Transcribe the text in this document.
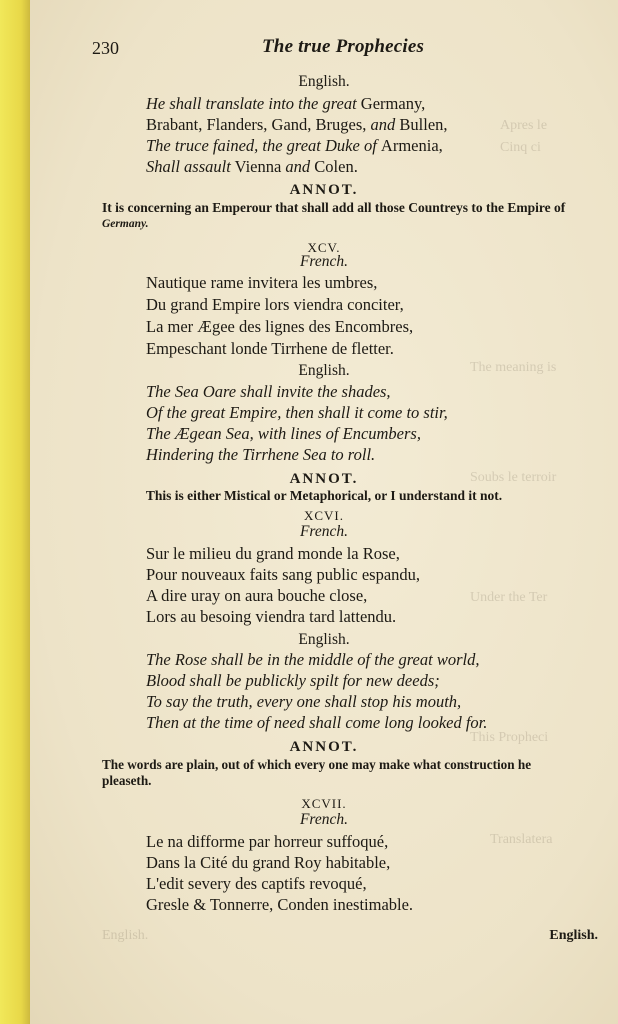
Apres le
Cinq ci
The meaning is
Soubs le terroir
Under the Ter
This Propheci
Translatera
English.
230	The true Prophecies
English.
He shall translate into the great Germany,
Brabant, Flanders, Gand, Bruges, and Bullen,
The truce fained, the great Duke of Armenia,
Shall assault Vienna and Colen.
ANNOT.
It is concerning an Emperour that shall add all those Countreys to the Empire of
Germany.
XCV.
French.
Nautique rame invitera les umbres,
Du grand Empire lors viendra conciter,
La mer Ægee des lignes des Encombres,
Empeschant londe Tirrhene de fletter.
English.
The Sea Oare shall invite the shades,
Of the great Empire, then shall it come to stir,
The Ægean Sea, with lines of Encumbers,
Hindering the Tirrhene Sea to roll.
ANNOT.
This is either Mistical or Metaphorical, or I understand it not.
XCVI.
French.
Sur le milieu du grand monde la Rose,
Pour nouveaux faits sang public espandu,
A dire uray on aura bouche close,
Lors au besoing viendra tard lattendu.
English.
The Rose shall be in the middle of the great world,
Blood shall be publickly spilt for new deeds;
To say the truth, every one shall stop his mouth,
Then at the time of need shall come long looked for.
ANNOT.
The words are plain, out of which every one may make what construction he
pleaseth.
XCVII.
French.
Le na difforme par horreur suffoqué,
Dans la Cité du grand Roy habitable,
L'edit severy des captifs revoqué,
Gresle & Tonnerre, Conden inestimable.
English.
